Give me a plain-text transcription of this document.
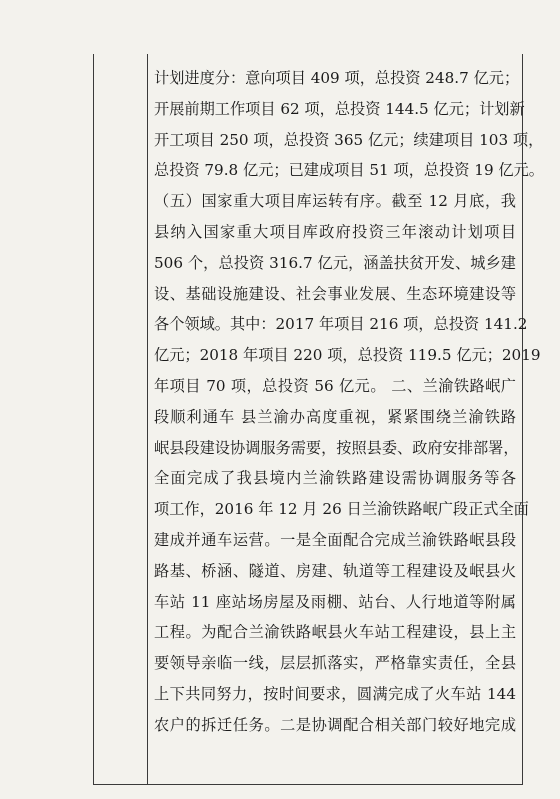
计划进度分：意向项目 409 项，总投资 248.7 亿元；
开展前期工作项目 62 项，总投资 144.5 亿元；计划新
开工项目 250 项，总投资 365 亿元；续建项目 103 项，
总投资 79.8 亿元；已建成项目 51 项，总投资 19 亿元。
（五）国家重大项目库运转有序。截至 12 月底，我
县纳入国家重大项目库政府投资三年滚动计划项目
506 个，总投资 316.7 亿元，涵盖扶贫开发、城乡建
设、基础设施建设、社会事业发展、生态环境建设等
各个领域。其中：2017 年项目 216 项，总投资 141.2
亿元；2018 年项目 220 项，总投资 119.5 亿元；2019
年项目 70 项，总投资 56 亿元。 二、兰渝铁路岷广
段顺利通车 县兰渝办高度重视，紧紧围绕兰渝铁路
岷县段建设协调服务需要，按照县委、政府安排部署，
全面完成了我县境内兰渝铁路建设需协调服务等各
项工作，2016 年 12 月 26 日兰渝铁路岷广段正式全面
建成并通车运营。一是全面配合完成兰渝铁路岷县段
路基、桥涵、隧道、房建、轨道等工程建设及岷县火
车站 11 座站场房屋及雨棚、站台、人行地道等附属
工程。为配合兰渝铁路岷县火车站工程建设，县上主
要领导亲临一线，层层抓落实，严格靠实责任，全县
上下共同努力，按时间要求，圆满完成了火车站 144
农户的拆迁任务。二是协调配合相关部门较好地完成
